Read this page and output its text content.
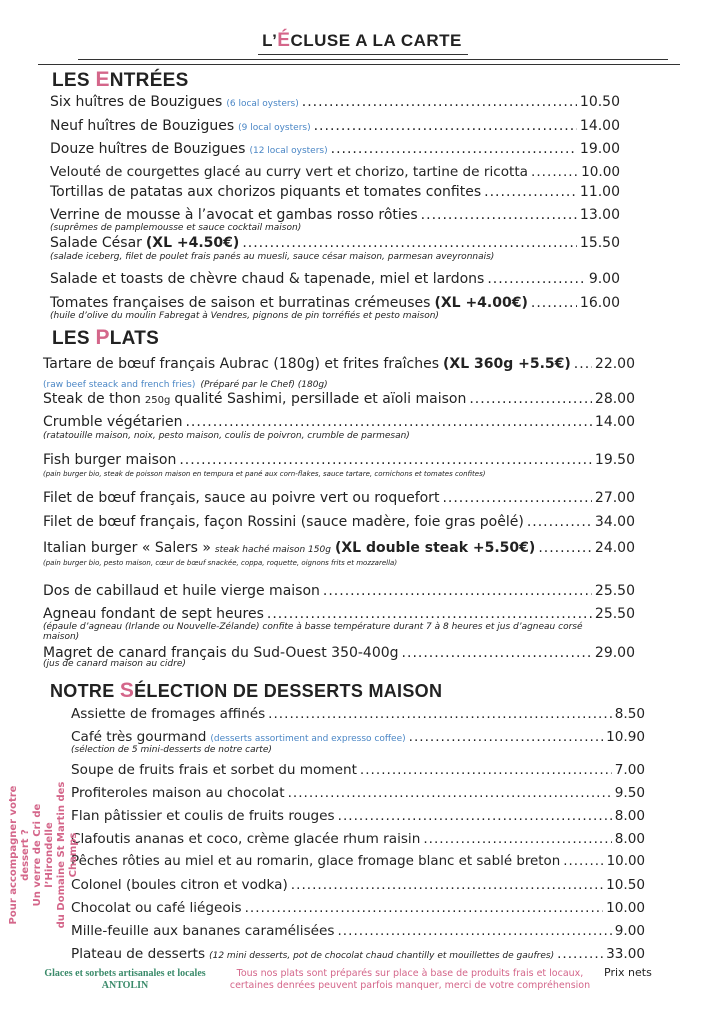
L’ÉCLUSE A LA CARTE
LES ENTRÉES
Six huîtres de Bouzigues (6 local oysters) .....	10.50
Neuf huîtres de Bouzigues (9 local oysters) .....	14.00
Douze huîtres de Bouzigues (12 local oysters) .....	19.00
Velouté de courgettes glacé au curry vert et chorizo, tartine de ricotta .....	10.00
Tortillas de patatas aux chorizos piquants et tomates confites .....	11.00
Verrine de mousse à l’avocat et gambas rosso rôties .....	13.00
(suprêmes de pamplemousse et sauce cocktail maison)
Salade César (XL +4.50€) .....	15.50
(salade iceberg, filet de poulet frais panés au muesli, sauce césar maison, parmesan aveyronnais)
Salade et toasts de chèvre chaud & tapenade, miel et lardons .....	9.00
Tomates françaises de saison et burratinas crémeuses (XL +4.00€) .....	16.00
(huile d’olive du moulin Fabregat à Vendres, pignons de pin torréfiés et pesto maison)
LES PLATS
Tartare de bœuf français Aubrac (180g) et frites fraîches (XL 360g +5.5€) ..... 22.00
(raw beef steack and french fries) (Préparé par le Chef) (180g)
Steak de thon 250g qualité Sashimi, persillade et aïoli maison .....	28.00
Crumble végétarien .....	14.00
(ratatouille maison, noix, pesto maison, coulis de poivron, crumble de parmesan)
Fish burger maison .....	19.50
(pain burger bio, steak de poisson maison en tempura et pané aux corn-flakes, sauce tartare, cornichons et tomates confites)
Filet de bœuf français, sauce au poivre vert ou roquefort .....	27.00
Filet de bœuf français, façon Rossini (sauce madère, foie gras poêlé) .....	34.00
Italian burger « Salers » steak haché maison 150g (XL double steak +5.50€) .....	24.00
(pain burger bio, pesto maison, cœur de bœuf snackée, coppa, roquette, oignons frits et mozzarella)
Dos de cabillaud et huile vierge maison .....	25.50
Agneau fondant de sept heures .....	25.50
(épaule d’agneau (Irlande ou Nouvelle-Zélande) confite à basse température durant 7 à 8 heures et jus d’agneau corsé
maison)
Magret de canard français du Sud-Ouest 350-400g .....	29.00
(jus de canard maison au cidre)
NOTRE SÉLECTION DE DESSERTS MAISON
Assiette de fromages affinés .....	8.50
Café très gourmand (desserts assortiment and expresso coffee) .....	10.90
(sélection de 5 mini-desserts de notre carte)
Soupe de fruits frais et sorbet du moment .....	7.00
Profiteroles maison au chocolat .....	9.50
Flan pâtissier et coulis de fruits rouges .....	8.00
Clafoutis ananas et coco, crème glacée rhum raisin .....	8.00
Pêches rôties au miel et au romarin, glace fromage blanc et sablé breton .....	10.00
Colonel (boules citron et vodka) .....	10.50
Chocolat ou café liégeois .....	10.00
Mille-feuille aux bananes caramélisées .....	9.00
Plateau de desserts (12 mini desserts, pot de chocolat chaud chantilly et mouillettes de gaufres) .....	33.00
Pour accompagner votre dessert ? Un verre de Cri de l’Hirondelle du Domaine St Martin des Champs
Glaces et sorbets artisanales et locales
ANTOLIN
Tous nos plats sont préparés sur place à base de produits frais et locaux,
certaines denrées peuvent parfois manquer, merci de votre compréhension
Prix nets
